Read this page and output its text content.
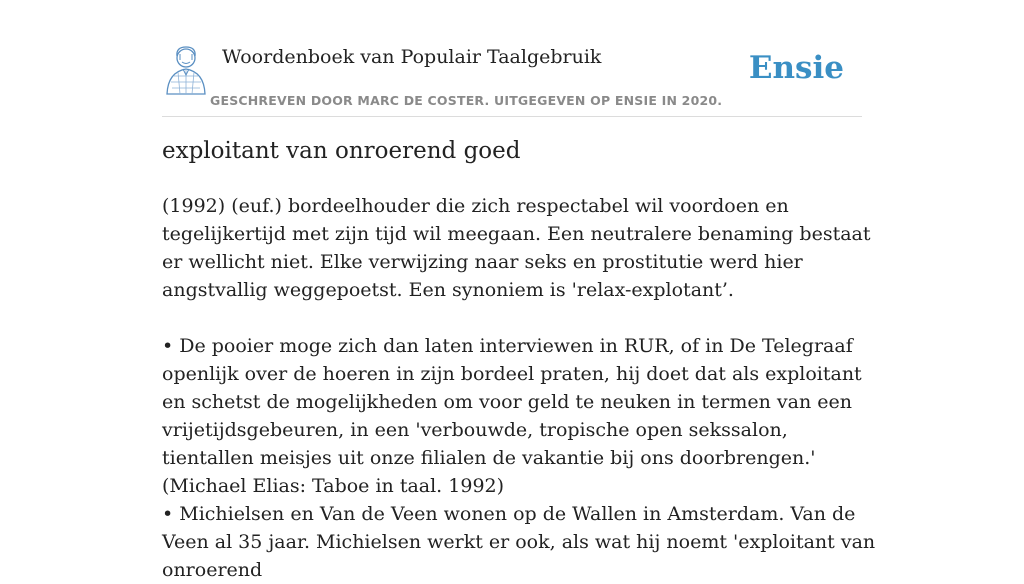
Woordenboek van Populair Taalgebruik
GESCHREVEN DOOR MARC DE COSTER. UITGEGEVEN OP ENSIE IN 2020.
Ensie
exploitant van onroerend goed

(1992) (euf.) bordeelhouder die zich respectabel wil voordoen en tegelijkertijd met zijn tijd wil meegaan. Een neutralere benaming bestaat er wellicht niet. Elke verwijzing naar seks en prostitutie werd hier angstvallig weggepoetst. Een synoniem is 'relax-explotant’.

• De pooier moge zich dan laten interviewen in RUR, of in De Telegraaf openlijk over de hoeren in zijn bordeel praten, hij doet dat als exploitant en schetst de mogelijkheden om voor geld te neuken in termen van een vrijetijdsgebeuren, in een 'verbouwde, tropische open sekssalon, tientallen meisjes uit onze filialen de vakantie bij ons doorbrengen.' (Michael Elias: Taboe in taal. 1992)
• Michielsen en Van de Veen wonen op de Wallen in Amsterdam. Van de Veen al 35 jaar. Michielsen werkt er ook, als wat hij noemt 'exploitant van onroerend
